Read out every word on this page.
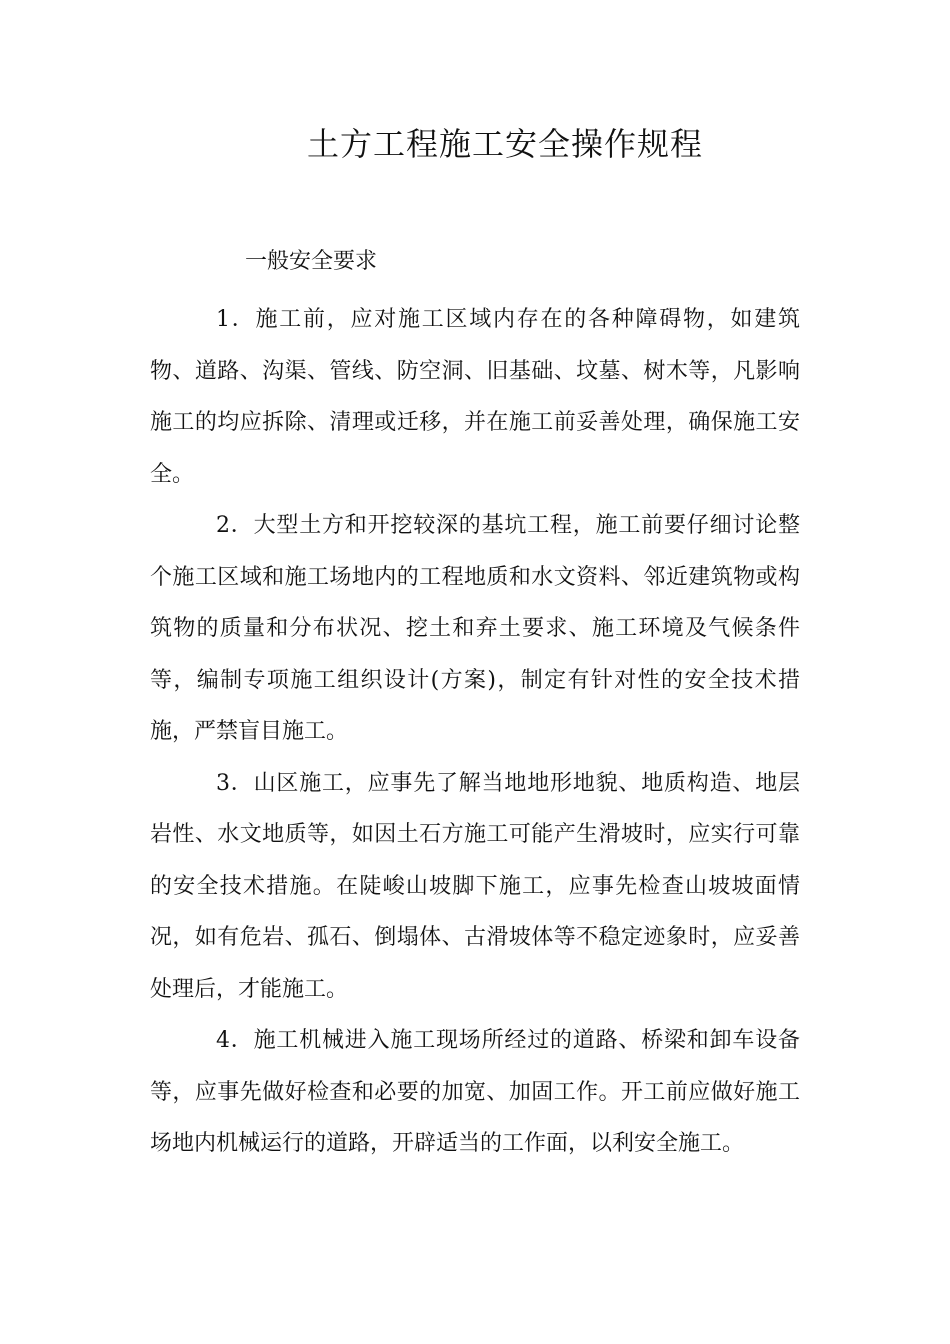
土方工程施工安全操作规程
一般安全要求

1．施工前，应对施工区域内存在的各种障碍物，如建筑物、道路、沟渠、管线、防空洞、旧基础、坟墓、树木等，凡影响施工的均应拆除、清理或迁移，并在施工前妥善处理，确保施工安全。

2．大型土方和开挖较深的基坑工程，施工前要仔细讨论整个施工区域和施工场地内的工程地质和水文资料、邻近建筑物或构筑物的质量和分布状况、挖土和弃土要求、施工环境及气候条件等，编制专项施工组织设计(方案)，制定有针对性的安全技术措施，严禁盲目施工。

3．山区施工，应事先了解当地地形地貌、地质构造、地层岩性、水文地质等，如因土石方施工可能产生滑坡时，应实行可靠的安全技术措施。在陡峻山坡脚下施工，应事先检查山坡坡面情况，如有危岩、孤石、倒塌体、古滑坡体等不稳定迹象时，应妥善处理后，才能施工。

4．施工机械进入施工现场所经过的道路、桥梁和卸车设备等，应事先做好检查和必要的加宽、加固工作。开工前应做好施工场地内机械运行的道路，开辟适当的工作面，以利安全施工。
